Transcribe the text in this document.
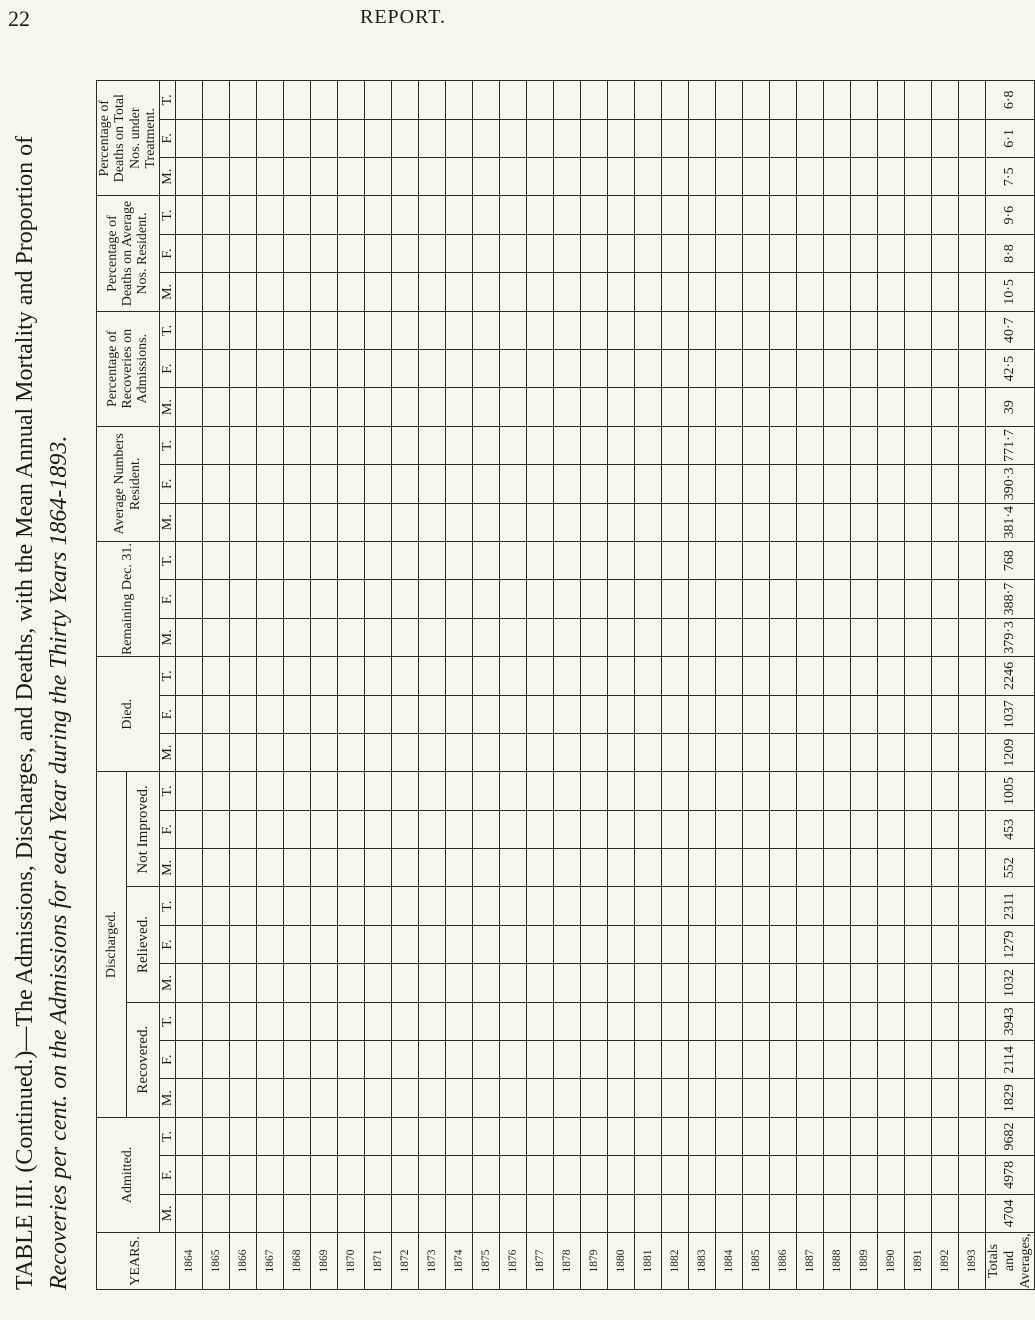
22	REPORT.
TABLE III. (Continued.)—The Admissions, Discharges, and Deaths, with the Mean Annual Mortality and Proportion of Recoveries per cent. on the Admissions for each Year during the Thirty Years 1864-1893.	YEARS.	Admitted.			Discharged.									Died.			Remaining Dec. 31.			Average Numbers Resident.			Percentage of Recoveries on Admissions.			Percentage of Deaths on Average Nos. Resident.			Percentage of Deaths on Total Nos. under Treatment.		
				Recovered.			Relieved.			Not Improved.																				
	M.	F.	T.	M.	F.	T.	M.	F.	T.	M.	F.	T.	M.	F.	T.	M.	F.	T.	M.	F.	T.	M.	F.	T.	M.	F.	T.	M.	F.	T.
1864																														
1865																														
1866																														
1867																														
1868																														
1869																														
1870																														
1871																														
1872																														
1873																														
1874																														
1875																														
1876																														
1877																														
1878																														
1879																														
1880																														
1881																														
1882																														
1883																														
1884																														
1885																														
1886																														
1887																														
1888																														
1889																														
1890																														
1891																														
1892																														
1893																														
Totals and Averages,	4704	4978	9682	1829	2114	3943	1032	1279	2311	552	453	1005	1209	1037	2246	379·3	388·7	768	381·4	390·3	771·7	39	42·5	40·7	10·5	8·8	9·6	7·5	6·1	6·8
